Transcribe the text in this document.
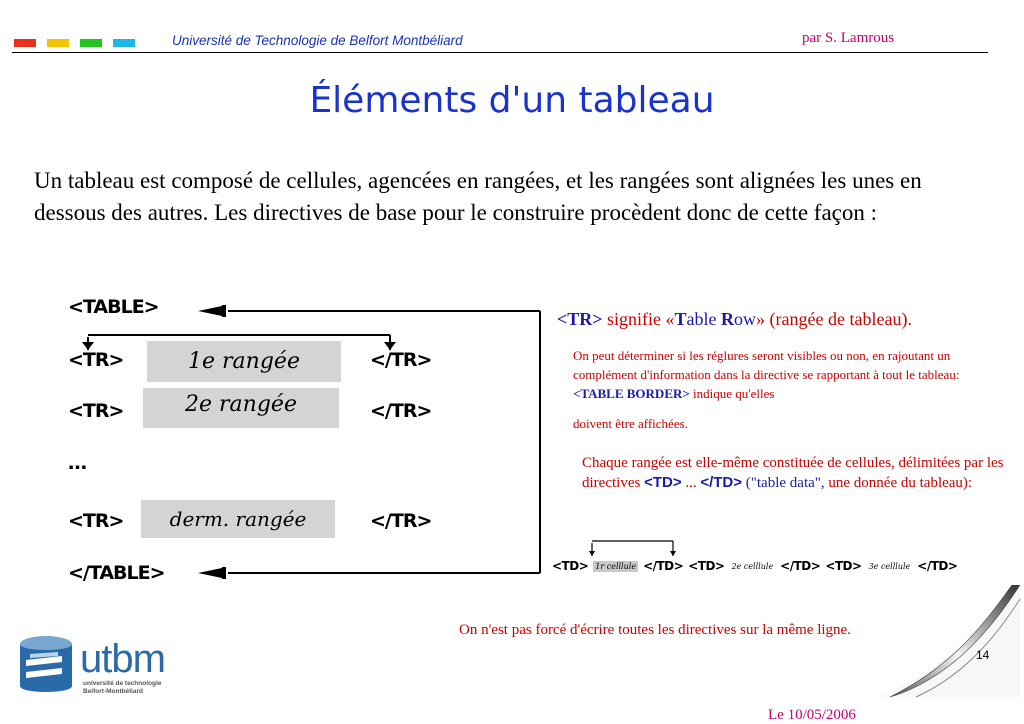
Université de Technologie de Belfort Montbéliard	par S. Lamrous
Éléments d'un tableau
Un tableau est composé de cellules, agencées en rangées, et les rangées sont alignées les unes en dessous des autres. Les directives de base pour le construire procèdent donc de cette façon :
<TABLE>
<TR>	1e rangée	</TR>
<TR>	2e rangée	</TR>
…
<TR>	derm. rangée	</TR>
</TABLE>
<TR> signifie «Table Row» (rangée de tableau).
On peut déterminer si les réglures seront visibles ou non, en rajoutant un complément d'information dans la directive se rapportant à tout le tableau: <TABLE BORDER> indique qu'elles
doivent être affichées.
Chaque rangée est elle-même constituée de cellules, délimitées par les directives <TD> ... </TD> ("table data", une donnée du tableau):
<TD> 1r celllule </TD> <TD> 2e celllule </TD> <TD> 3e celllule </TD>
On n'est pas forcé d'écrire toutes les directives sur la même ligne.
14
utbm
université de technologie
Belfort-Montbéliard
Le 10/05/2006
